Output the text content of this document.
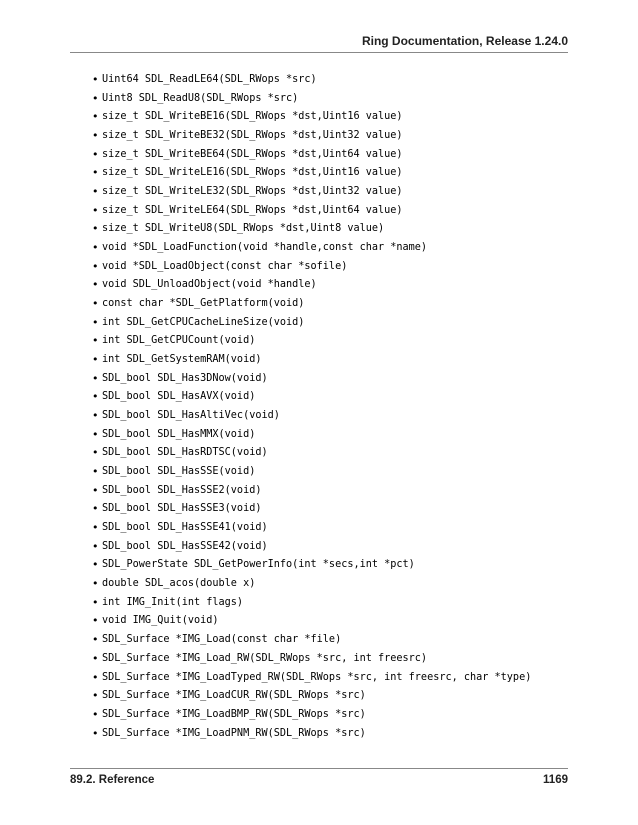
Ring Documentation, Release 1.24.0
• Uint64 SDL_ReadLE64(SDL_RWops *src)
• Uint8 SDL_ReadU8(SDL_RWops *src)
• size_t SDL_WriteBE16(SDL_RWops *dst,Uint16 value)
• size_t SDL_WriteBE32(SDL_RWops *dst,Uint32 value)
• size_t SDL_WriteBE64(SDL_RWops *dst,Uint64 value)
• size_t SDL_WriteLE16(SDL_RWops *dst,Uint16 value)
• size_t SDL_WriteLE32(SDL_RWops *dst,Uint32 value)
• size_t SDL_WriteLE64(SDL_RWops *dst,Uint64 value)
• size_t SDL_WriteU8(SDL_RWops *dst,Uint8 value)
• void *SDL_LoadFunction(void *handle,const char *name)
• void *SDL_LoadObject(const char *sofile)
• void SDL_UnloadObject(void *handle)
• const char *SDL_GetPlatform(void)
• int SDL_GetCPUCacheLineSize(void)
• int SDL_GetCPUCount(void)
• int SDL_GetSystemRAM(void)
• SDL_bool SDL_Has3DNow(void)
• SDL_bool SDL_HasAVX(void)
• SDL_bool SDL_HasAltiVec(void)
• SDL_bool SDL_HasMMX(void)
• SDL_bool SDL_HasRDTSC(void)
• SDL_bool SDL_HasSSE(void)
• SDL_bool SDL_HasSSE2(void)
• SDL_bool SDL_HasSSE3(void)
• SDL_bool SDL_HasSSE41(void)
• SDL_bool SDL_HasSSE42(void)
• SDL_PowerState SDL_GetPowerInfo(int *secs,int *pct)
• double SDL_acos(double x)
• int IMG_Init(int flags)
• void IMG_Quit(void)
• SDL_Surface *IMG_Load(const char *file)
• SDL_Surface *IMG_Load_RW(SDL_RWops *src, int freesrc)
• SDL_Surface *IMG_LoadTyped_RW(SDL_RWops *src, int freesrc, char *type)
• SDL_Surface *IMG_LoadCUR_RW(SDL_RWops *src)
• SDL_Surface *IMG_LoadBMP_RW(SDL_RWops *src)
• SDL_Surface *IMG_LoadPNM_RW(SDL_RWops *src)
89.2. Reference	1169
